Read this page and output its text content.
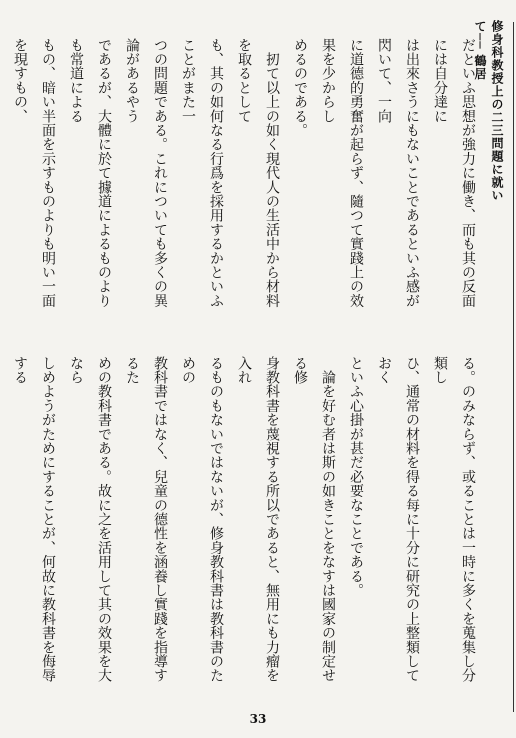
修身科教授上の二三問題に就いて── 鶴居
だといふ思想が強力に働き、而も其の反面には自分達に
は出來さうにもないことであるといふ感が閃いて、一向
に道德的勇奮が起らず、隨つて實踐上の效果を少からし
めるのである。
　扨て以上の如く現代人の生活中から材料を取るとして
も、其の如何なる行爲を採用するかといふことがまた一
つの問題である。これについても多くの異論があるやう
であるが、大體に於て據道によるものよりも常道による
もの、暗い半面を示すものよりも明い一面を現すもの、
る。のみならず、或ることは一時に多くを蒐集し分類し
ひ、通常の材料を得る每に十分に研究の上整類しておく
といふ心掛が甚だ必要なことである。
　論を好む者は斯の如きことをなすは國家の制定せる修
身教科書を蔑視する所以であると、無用にも力瘤を入れ
るものもないではないが、修身教科書は教科書のための
教科書ではなく、兒童の德性を涵養し實踐を指導するた
めの教科書である。故に之を活用して其の效果を大なら
しめようがためにすることが、何故に教科書を侮辱する
33
